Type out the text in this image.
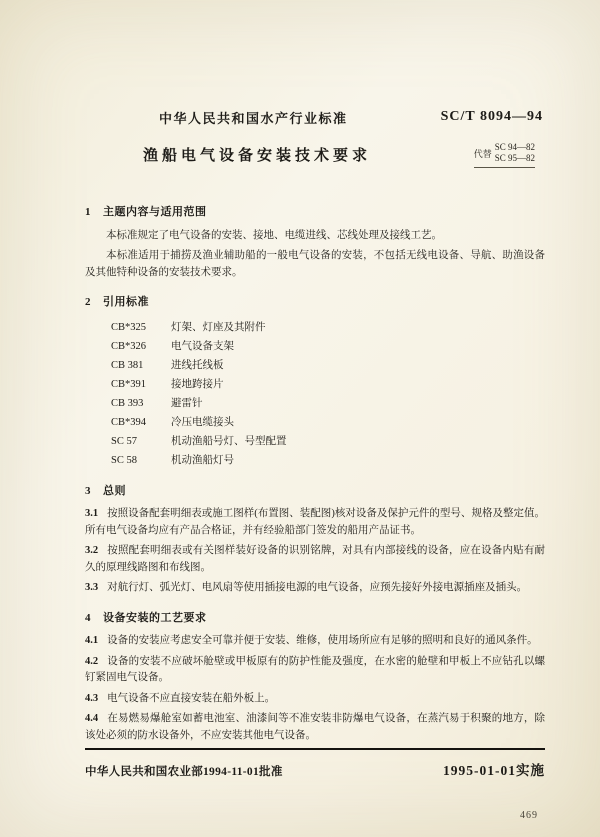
中华人民共和国水产行业标准	SC/T 8094—94
渔船电气设备安装技术要求	代替
SC 94—82
SC 95—82
1 主题内容与适用范围

本标准规定了电气设备的安装、接地、电缆进线、芯线处理及接线工艺。

本标准适用于捕捞及渔业辅助船的一般电气设备的安装，不包括无线电设备、导航、助渔设备及其他特种设备的安装技术要求。

2 引用标准
CB*325 灯架、灯座及其附件
CB*326 电气设备支架
CB 381	进线托线板
CB*391 接地跨接片
CB 393	避雷针
CB*394 冷压电缆接头
SC 57	机动渔船号灯、号型配置
SC 58	机动渔船灯号
3 总则

3.1 按照设备配套明细表或施工图样(布置图、装配图)核对设备及保护元件的型号、规格及整定值。所有电气设备均应有产品合格证，并有经验船部门签发的船用产品证书。

3.2 按照配套明细表或有关图样装好设备的识别铭牌，对具有内部接线的设备，应在设备内贴有耐久的原理线路图和布线图。

3.3 对航行灯、弧光灯、电风扇等使用插接电源的电气设备，应预先接好外接电源插座及插头。

4 设备安装的工艺要求

4.1 设备的安装应考虑安全可靠并便于安装、维修，使用场所应有足够的照明和良好的通风条件。

4.2 设备的安装不应破坏舱壁或甲板原有的防护性能及强度，在水密的舱壁和甲板上不应钻孔以螺钉紧固电气设备。

4.3 电气设备不应直接安装在船外板上。

4.4 在易燃易爆舱室如蓄电池室、油漆间等不准安装非防爆电气设备，在蒸汽易于积聚的地方，除该处必须的防水设备外，不应安装其他电气设备。

中华人民共和国农业部1994-11-01批准	1995-01-01实施
469
